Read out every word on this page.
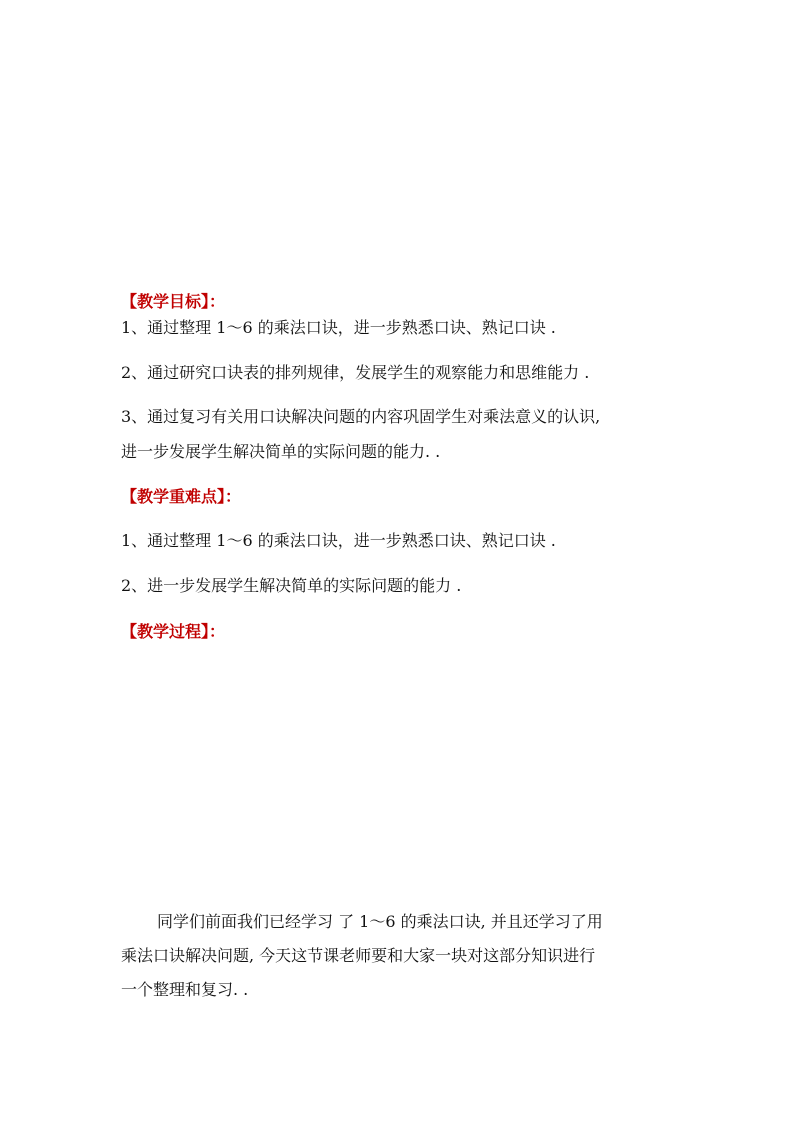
【教学目标】：
1、通过整理 1～6 的乘法口诀，进一步熟悉口诀、熟记口诀 .
2、通过研究口诀表的排列规律，发展学生的观察能力和思维能力 .
3、通过复习有关用口诀解决问题的内容巩固学生对乘法意义的认识,
进一步发展学生解决简单的实际问题的能力. .
【教学重难点】：
1、通过整理 1～6 的乘法口诀，进一步熟悉口诀、熟记口诀 .
2、进一步发展学生解决简单的实际问题的能力 .
【教学过程】：
同学们前面我们已经学习 了 1～6 的乘法口诀, 并且还学习了用
乘法口诀解决问题, 今天这节课老师要和大家一块对这部分知识进行
一个整理和复习. .
